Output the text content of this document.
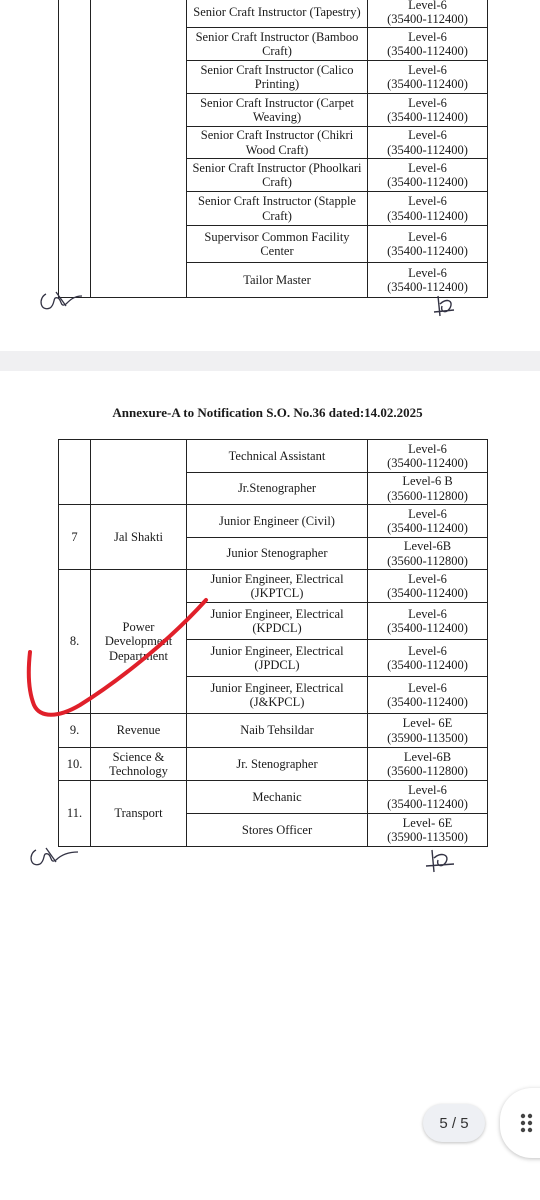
		Senior Craft Instructor (Tapestry)	Level-6
(35400-112400)

		Senior Craft Instructor (Bamboo Craft)	Level-6
(35400-112400)

		Senior Craft Instructor (Calico Printing)	Level-6
(35400-112400)

		Senior Craft Instructor (Carpet Weaving)	Level-6
(35400-112400)

		Senior Craft Instructor (Chikri Wood Craft)	Level-6
(35400-112400)

		Senior Craft Instructor (Phoolkari Craft)	Level-6
(35400-112400)

		Senior Craft Instructor (Stapple Craft)	Level-6
(35400-112400)

		Supervisor Common Facility Center	Level-6
(35400-112400)

		Tailor Master	Level-6
(35400-112400)
Annexure-A to Notification S.O. No.36 dated:14.02.2025
		Technical Assistant	Level-6
(35400-112400)

		Jr.Stenographer	Level-6 B
(35600-112800)

7	Jal Shakti	Junior Engineer (Civil)	Level-6
(35400-112400)

		Junior Stenographer	Level-6B
(35600-112800)

8.	Power Development Department	Junior Engineer, Electrical (JKPTCL)	Level-6
(35400-112400)

		Junior Engineer, Electrical (KPDCL)	Level-6
(35400-112400)

		Junior Engineer, Electrical (JPDCL)	Level-6
(35400-112400)

		Junior Engineer, Electrical (J&KPCL)	Level-6
(35400-112400)

9.	Revenue	Naib Tehsildar	Level- 6E
(35900-113500)

10.	Science & Technology	Jr. Stenographer	Level-6B
(35600-112800)

11.	Transport	Mechanic	Level-6
(35400-112400)

		Stores Officer	Level- 6E
(35900-113500)
5 / 5
